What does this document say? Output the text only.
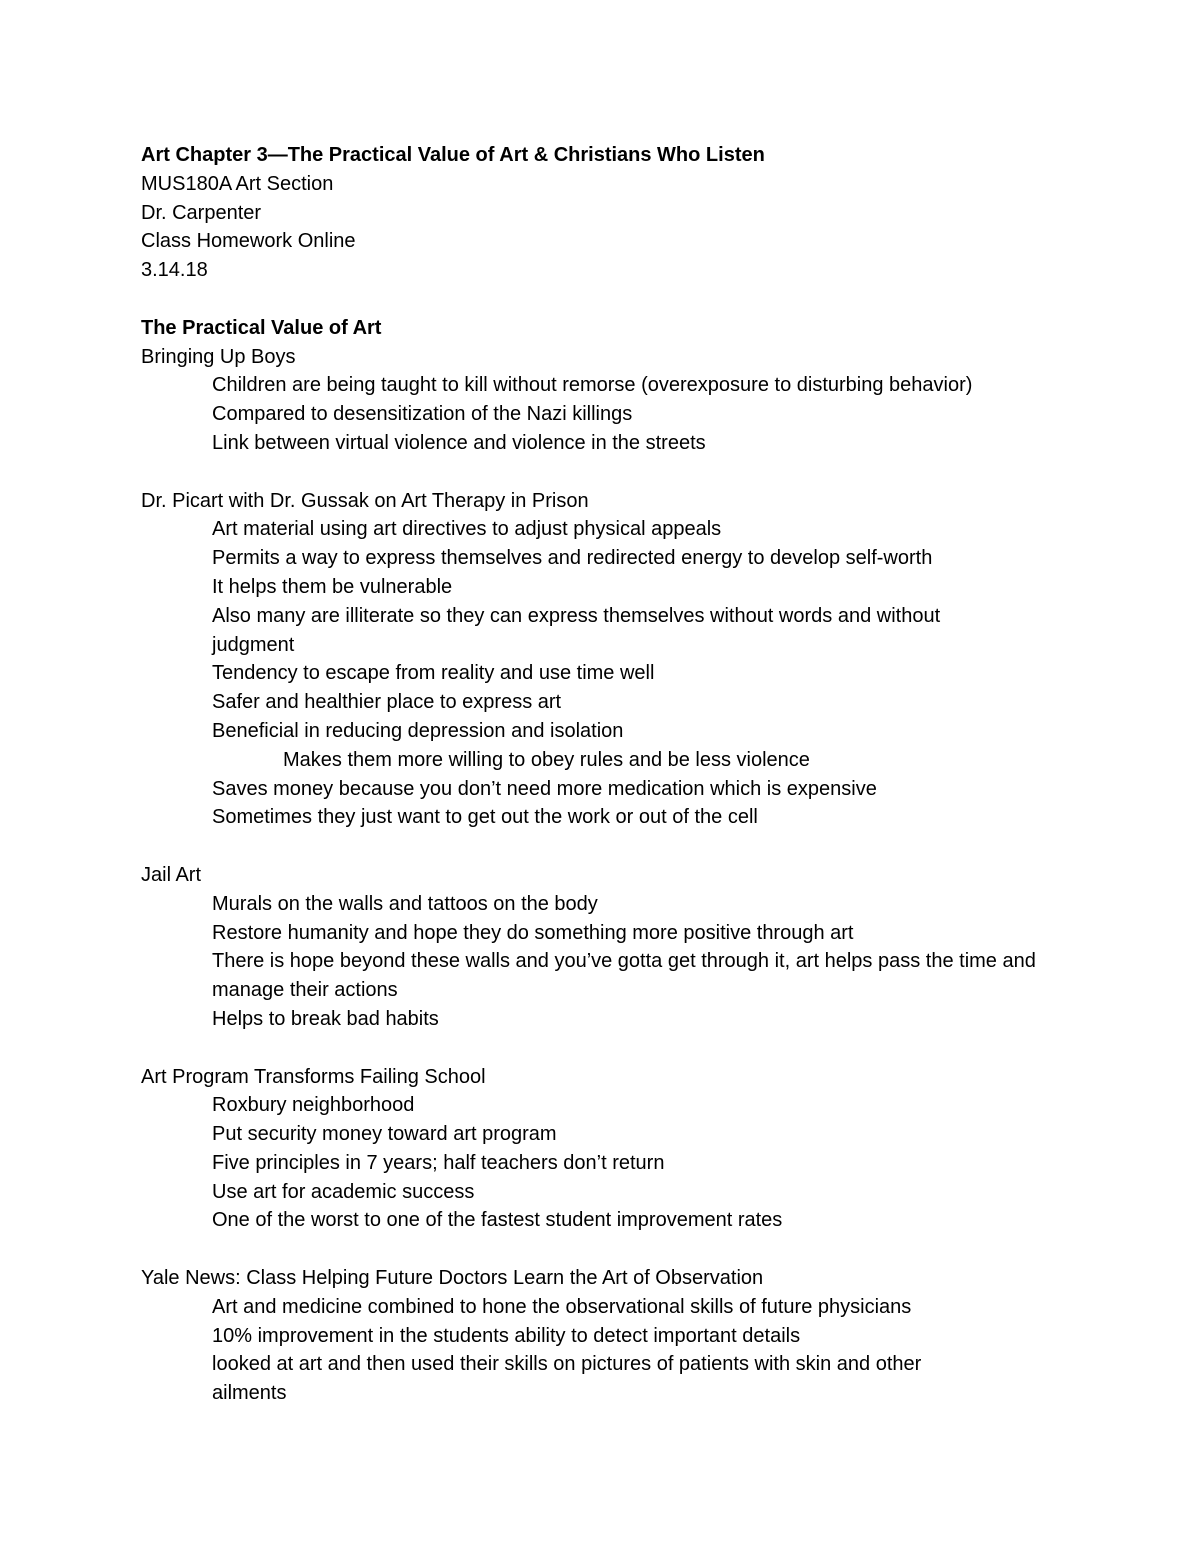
Art Chapter 3—The Practical Value of Art & Christians Who Listen
MUS180A Art Section
Dr. Carpenter
Class Homework Online
3.14.18
The Practical Value of Art
Bringing Up Boys
Children are being taught to kill without remorse (overexposure to disturbing behavior)
Compared to desensitization of the Nazi killings
Link between virtual violence and violence in the streets
Dr. Picart with Dr. Gussak on Art Therapy in Prison
Art material using art directives to adjust physical appeals
Permits a way to express themselves and redirected energy to develop self-worth
It helps them be vulnerable
Also many are illiterate so they can express themselves without words and without judgment
Tendency to escape from reality and use time well
Safer and healthier place to express art
Beneficial in reducing depression and isolation
Makes them more willing to obey rules and be less violence
Saves money because you don’t need more medication which is expensive
Sometimes they just want to get out the work or out of the cell
Jail Art
Murals on the walls and tattoos on the body
Restore humanity and hope they do something more positive through art
There is hope beyond these walls and you’ve gotta get through it, art helps pass the time and manage their actions
Helps to break bad habits
Art Program Transforms Failing School
Roxbury neighborhood
Put security money toward art program
Five principles in 7 years; half teachers don’t return
Use art for academic success
One of the worst to one of the fastest student improvement rates
Yale News: Class Helping Future Doctors Learn the Art of Observation
Art and medicine combined to hone the observational skills of future physicians
10% improvement in the students ability to detect important details
looked at art and then used their skills on pictures of patients with skin and other ailments
